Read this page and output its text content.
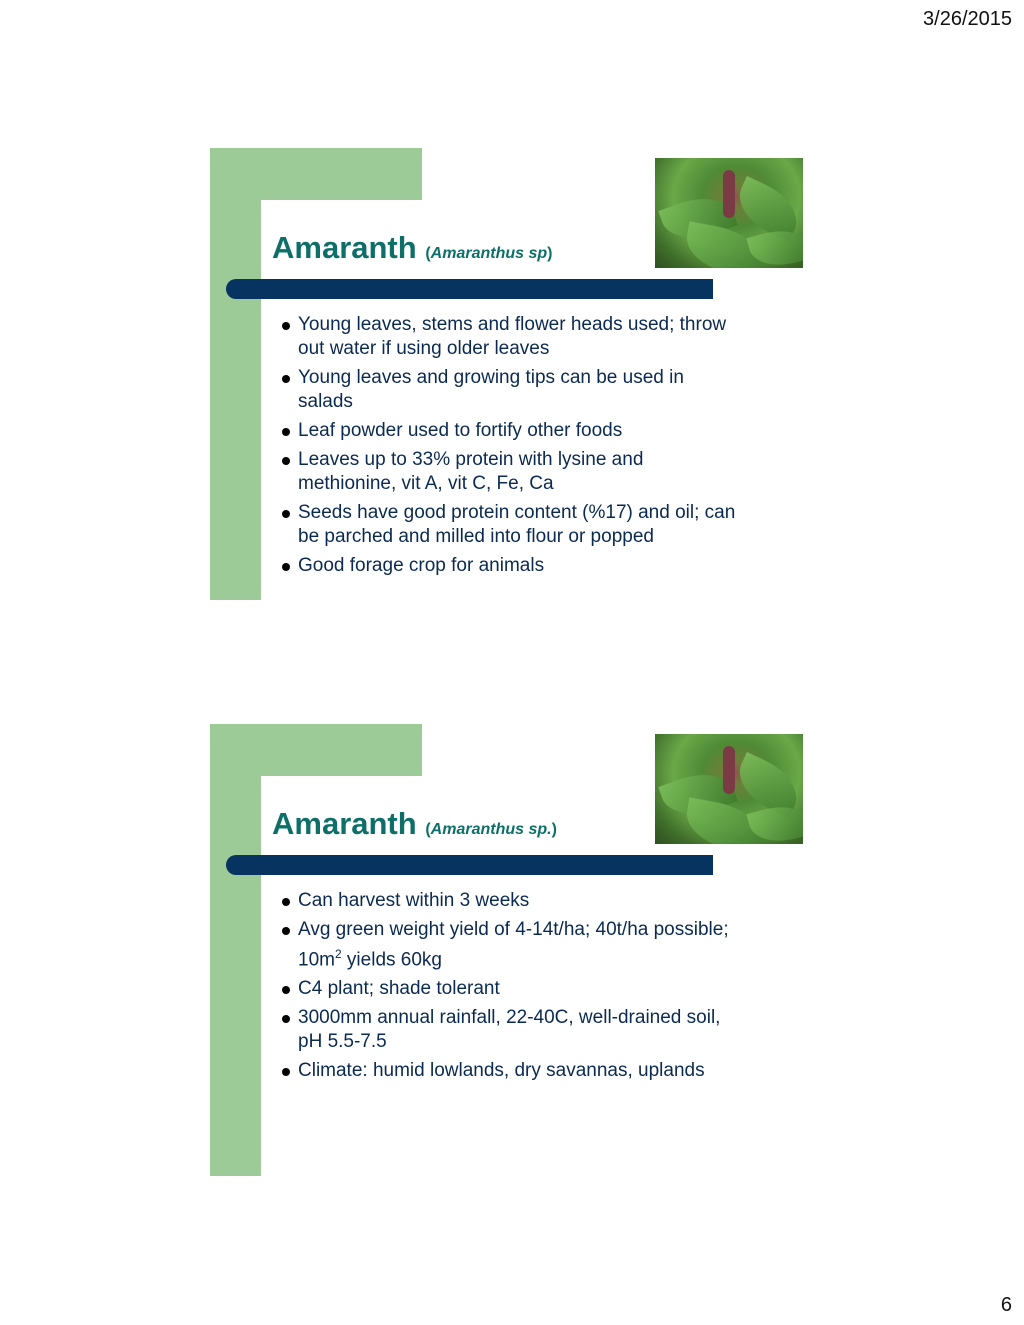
3/26/2015
Amaranth (Amaranthus sp)
Young leaves, stems and flower heads used; throw out water if using older leaves
Young leaves and growing tips can be used in salads
Leaf powder used to fortify other foods
Leaves up to 33% protein with lysine and methionine, vit A, vit C, Fe, Ca
Seeds have good protein content (%17) and oil; can be parched and milled into flour or popped
Good forage crop for animals
Amaranth (Amaranthus sp.)
Can harvest within 3 weeks
Avg green weight yield of 4-14t/ha; 40t/ha possible; $10m^2$ yields 60kg
C4 plant; shade tolerant
3000mm annual rainfall, 22-40C, well-drained soil, pH 5.5-7.5
Climate: humid lowlands, dry savannas, uplands
6
